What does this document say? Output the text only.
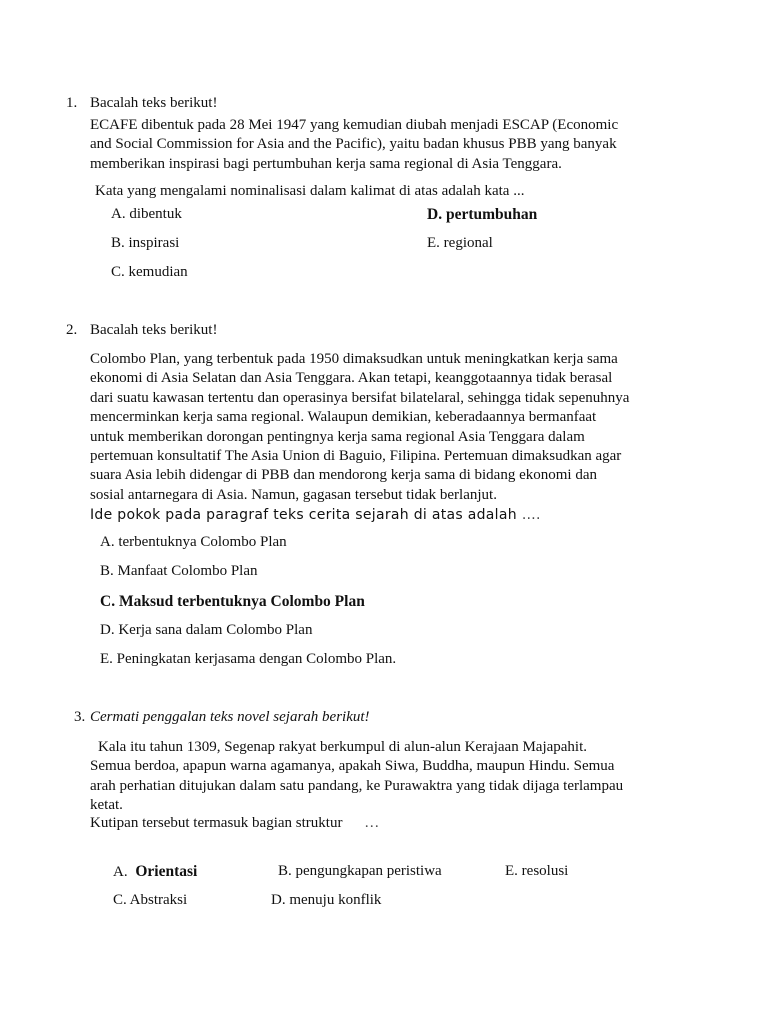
1. Bacalah teks berikut!
ECAFE dibentuk pada 28 Mei 1947 yang kemudian diubah menjadi ESCAP (Economic
and Social Commission for Asia and the Pacific), yaitu badan khusus PBB yang banyak
memberikan inspirasi bagi pertumbuhan kerja sama regional di Asia Tenggara.
Kata yang mengalami nominalisasi dalam kalimat di atas adalah kata ...
A. dibentuk	D. pertumbuhan
B. inspirasi	E. regional
C. kemudian
2. Bacalah teks berikut!
Colombo Plan, yang terbentuk pada 1950 dimaksudkan untuk meningkatkan kerja sama
ekonomi di Asia Selatan dan Asia Tenggara. Akan tetapi, keanggotaannya tidak berasal
dari suatu kawasan tertentu dan operasinya bersifat bilatelaral, sehingga tidak sepenuhnya
mencerminkan kerja sama regional. Walaupun demikian, keberadaannya bermanfaat
untuk memberikan dorongan pentingnya kerja sama regional Asia Tenggara dalam
pertemuan konsultatif The Asia Union di Baguio, Filipina. Pertemuan dimaksudkan agar
suara Asia lebih didengar di PBB dan mendorong kerja sama di bidang ekonomi dan
sosial antarnegara di Asia. Namun, gagasan tersebut tidak berlanjut.
Ide pokok pada paragraf teks cerita sejarah di atas adalah ….
A. terbentuknya Colombo Plan
B. Manfaat Colombo Plan
C. Maksud terbentuknya Colombo Plan
D. Kerja sana dalam Colombo Plan
E. Peningkatan kerjasama dengan Colombo Plan.
3. Cermati penggalan teks novel sejarah berikut!
Kala itu tahun 1309, Segenap rakyat berkumpul di alun-alun Kerajaan Majapahit.
Semua berdoa, apapun warna agamanya, apakah Siwa, Buddha, maupun Hindu. Semua
arah perhatian ditujukan dalam satu pandang, ke Purawaktra yang tidak dijaga terlampau
ketat.
Kutipan tersebut termasuk bagian struktur …
A. Orientasi	B. pengungkapan peristiwa	E. resolusi
C. Abstraksi	D. menuju konflik
